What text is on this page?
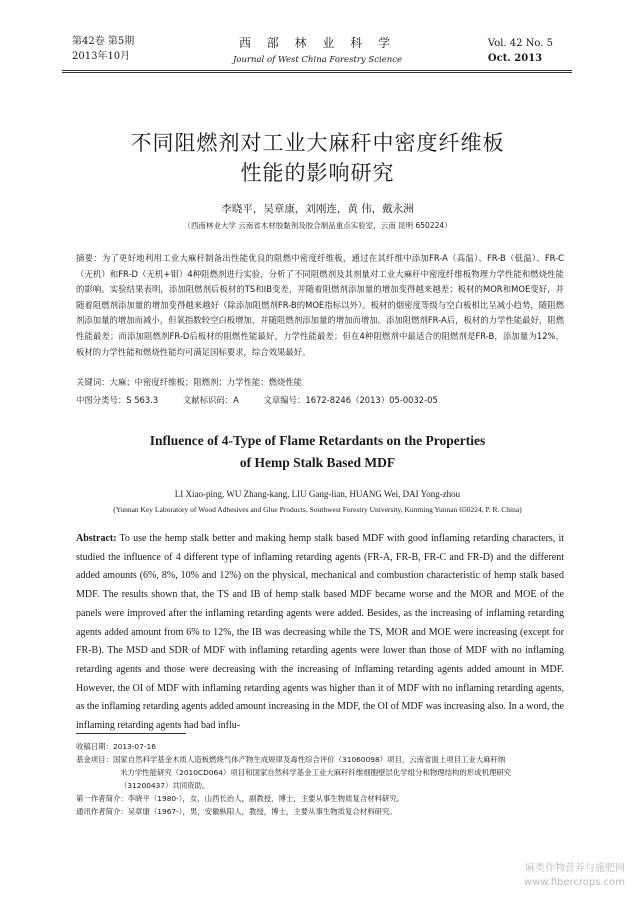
第42卷 第5期
2013年10月
西 部 林 业 科 学
Journal of West China Forestry Science
Vol. 42 No. 5
Oct. 2013
不同阻燃剂对工业大麻秆中密度纤维板
性能的影响研究
李晓平，吴章康，刘刚连，黄 伟，戴永洲
（西南林业大学 云南省木材胶黏剂及胶合制品重点实验室，云南 昆明 650224）
摘要：为了更好地利用工业大麻秆制备出性能优良的阻燃中密度纤维板，通过在其纤维中添加FR-A（高温）、FR-B（低温）、FR-C（无机）和FR-D（无机+钼）4种阻燃剂进行实验，分析了不同阻燃剂及其剂量对工业大麻秆中密度纤维板物理力学性能和燃烧性能的影响。实验结果表明，添加阻燃剂后板材的TS和IB变差，并随着阻燃剂添加量的增加变得越来越差；板材的MOR和MOE变好，并随着阻燃剂添加量的增加变得越来越好（除添加阻燃剂FR-B的MOE指标以外）。板材的烟密度等级与空白板相比呈减小趋势，随阻燃剂添加量的增加而减小，但氧指数较空白板增加，并随阻燃剂添加量的增加而增加。添加阻燃剂FR-A后，板材的力学性能最好，阻燃性能最差；而添加阻燃剂FR-D后板材的阻燃性能最好，力学性能最差；但在4种阻燃剂中最适合的阻燃剂是FR-B，添加量为12%，板材的力学性能和燃烧性能均可满足国标要求，综合效果最好。
关键词：大麻；中密度纤维板；阻燃剂；力学性能；燃烧性能
中图分类号：S 563.3	文献标识码：A	文章编号：1672-8246（2013）05-0032-05
Influence of 4-Type of Flame Retardants on the Properties
of Hemp Stalk Based MDF
LI Xiao-ping, WU Zhang-kang, LIU Gang-lian, HUANG Wei, DAI Yong-zhou
(Yunnan Key Laboratory of Wood Adhesives and Glue Products, Southwest Forestry University, Kunming Yunnan 650224, P. R. China)
Abstract: To use the hemp stalk better and making hemp stalk based MDF with good inflaming retarding characters, it studied the influence of 4 different type of inflaming retarding agents (FR-A, FR-B, FR-C and FR-D) and the different added amounts (6%, 8%, 10% and 12%) on the physical, mechanical and combustion characteristic of hemp stalk based MDF. The results shown that, the TS and IB of hemp stalk based MDF became worse and the MOR and MOE of the panels were improved after the inflaming retarding agents were added. Besides, as the increasing of inflaming retarding agents added amount from 6% to 12%, the IB was decreasing while the TS, MOR and MOE were increasing (except for FR-B). The MSD and SDR of MDF with inflaming retarding agents were lower than those of MDF with no inflaming retarding agents and those were decreasing with the increasing of inflaming retarding agents added amount in MDF. However, the OI of MDF with inflaming retarding agents was higher than it of MDF with no inflaming retarding agents, as the inflaming retarding agents added amount increasing in the MDF, the OI of MDF was increasing also. In a word, the inflaming retarding agents had bad influ-
收稿日期：2013-07-16
基金项目：国家自然科学基金木质人造板燃烧气体产物生成规律及毒性综合评价（31060098）项目，云南省面上项目工业大麻秆纳
米力学性能研究（2010CD064）项目和国家自然科学基金工业大麻秆纤维细胞壁层化学组分和物理结构的形成机理研究
（31200437）共同资助。
第一作者简介：李晓平（1980-），女，山西长治人，副教授，博士，主要从事生物质复合材料研究。
通讯作者简介：吴章康（1967-），男，安徽枞阳人，教授，博士，主要从事生物质复合材料研究。
麻类作物营养与施肥网
www.fibercrops.com
